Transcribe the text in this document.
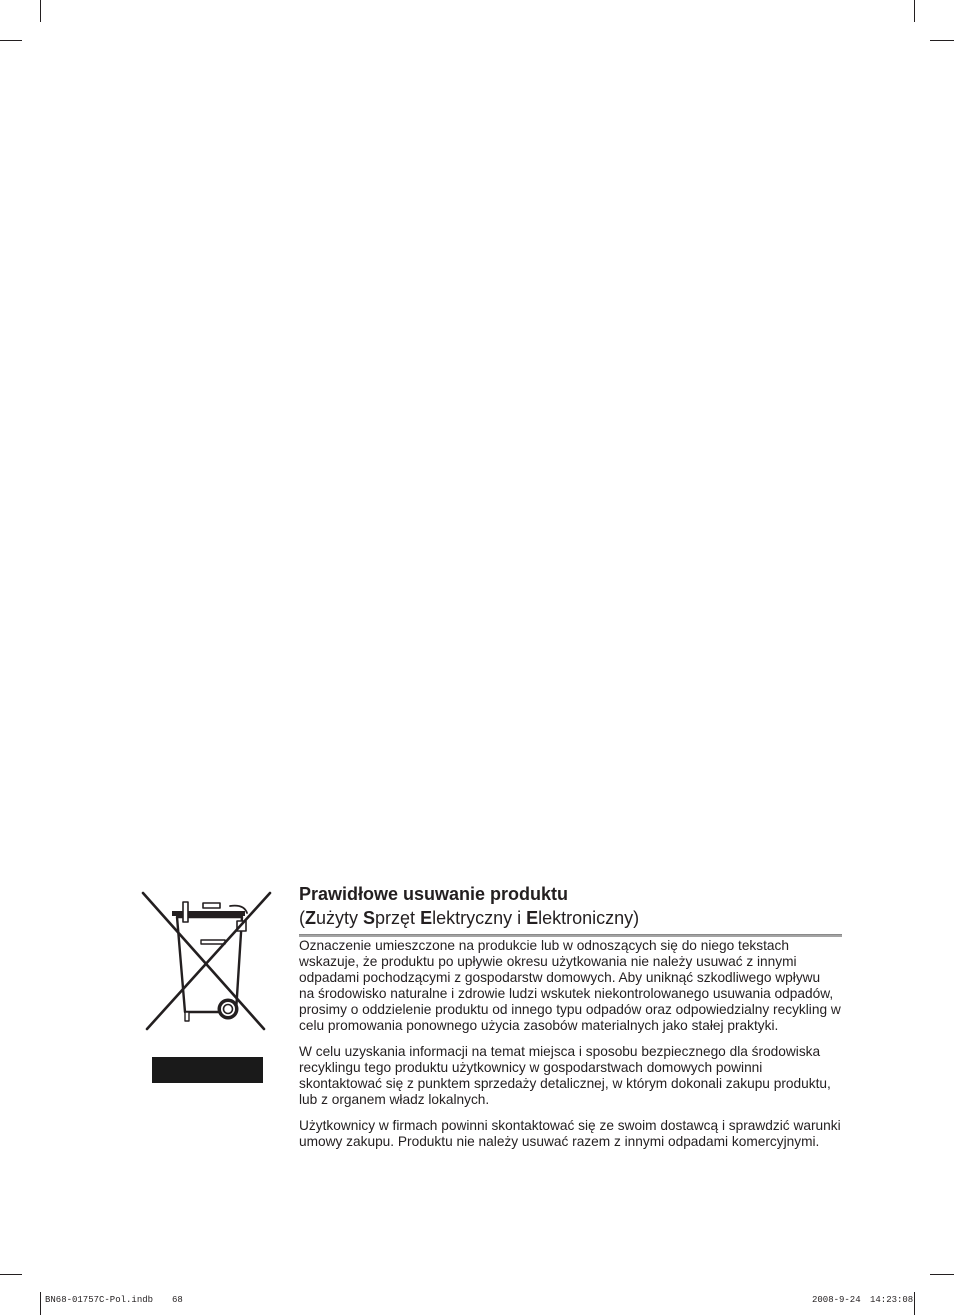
Prawidłowe usuwanie produktu
(Zużyty Sprzęt Elektryczny i Elektroniczny)
Oznaczenie umieszczone na produkcie lub w odnoszących się do niego tekstach
wskazuje, że produktu po upływie okresu użytkowania nie należy usuwać z innymi
odpadami pochodzącymi z gospodarstw domowych. Aby uniknąć szkodliwego wpływu
na środowisko naturalne i zdrowie ludzi wskutek niekontrolowanego usuwania odpadów,
prosimy o oddzielenie produktu od innego typu odpadów oraz odpowiedzialny recykling w
celu promowania ponownego użycia zasobów materialnych jako stałej praktyki.
W celu uzyskania informacji na temat miejsca i sposobu bezpiecznego dla środowiska
recyklingu tego produktu użytkownicy w gospodarstwach domowych powinni
skontaktować się z punktem sprzedaży detalicznej, w którym dokonali zakupu produktu,
lub z organem władz lokalnych.
Użytkownicy w firmach powinni skontaktować się ze swoim dostawcą i sprawdzić warunki
umowy zakupu. Produktu nie należy usuwać razem z innymi odpadami komercyjnymi.
BN68-01757C-Pol.indb 68	2008-9-24 14:23:08
